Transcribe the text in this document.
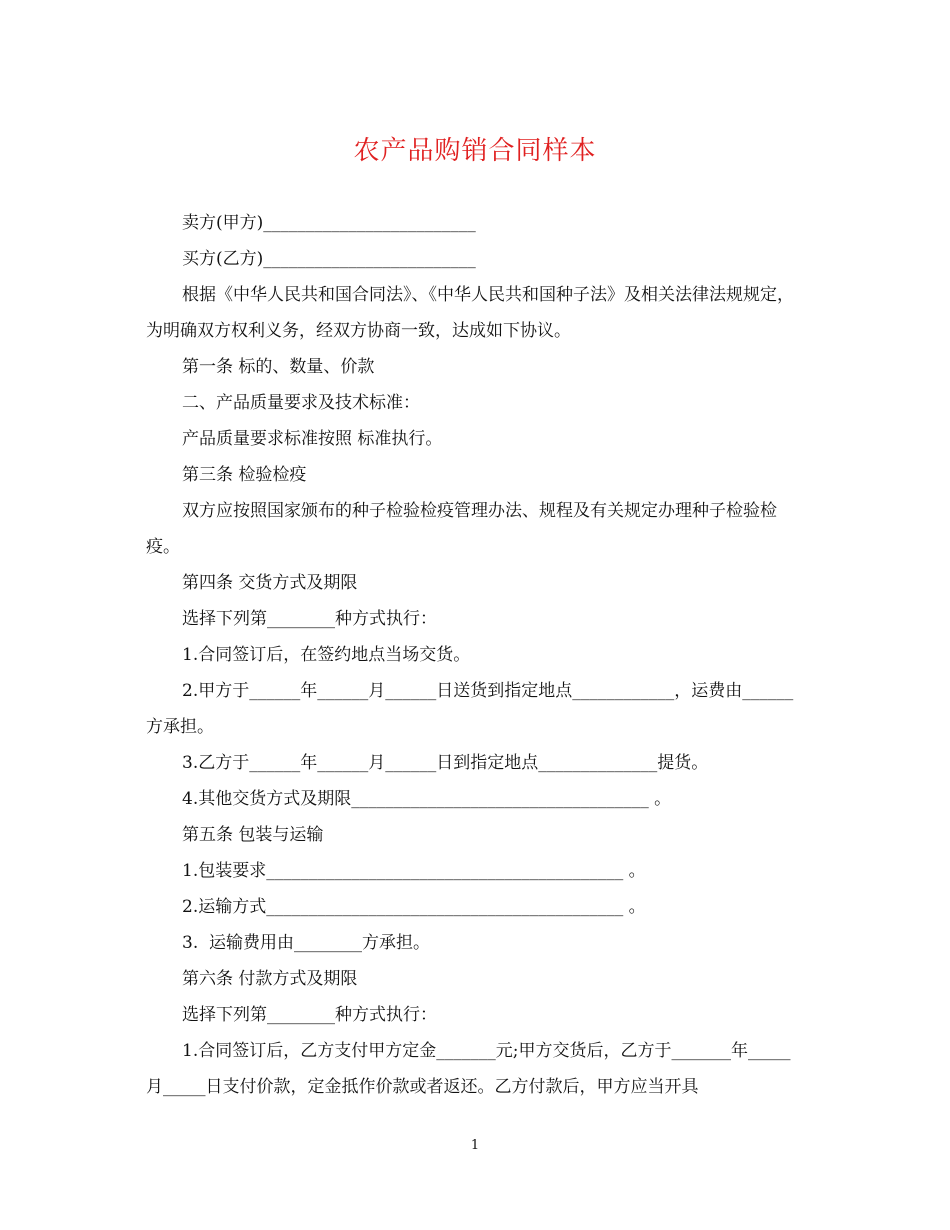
农产品购销合同样本

卖方(甲方)_________________________

买方(乙方)_________________________

根据《中华人民共和国合同法》、《中华人民共和国种子法》及相关法律法规规定，为明确双方权利义务，经双方协商一致，达成如下协议。

第一条 标的、数量、价款

二、产品质量要求及技术标准：

产品质量要求标准按照 标准执行。

第三条 检验检疫

双方应按照国家颁布的种子检验检疫管理办法、规程及有关规定办理种子检验检疫。

第四条 交货方式及期限

选择下列第________种方式执行：

1.合同签订后，在签约地点当场交货。

2.甲方于______年______月______日送货到指定地点____________，运费由______方承担。

3.乙方于______年______月______日到指定地点______________提货。

4.其他交货方式及期限___________________________________ 。

第五条 包装与运输

1.包装要求__________________________________________ 。

2.运输方式__________________________________________ 。

3.  运输费用由________方承担。

第六条 付款方式及期限

选择下列第________种方式执行：

1.合同签订后，乙方支付甲方定金_______元;甲方交货后，乙方于_______年_____月_____日支付价款，定金抵作价款或者返还。乙方付款后，甲方应当开具

1
